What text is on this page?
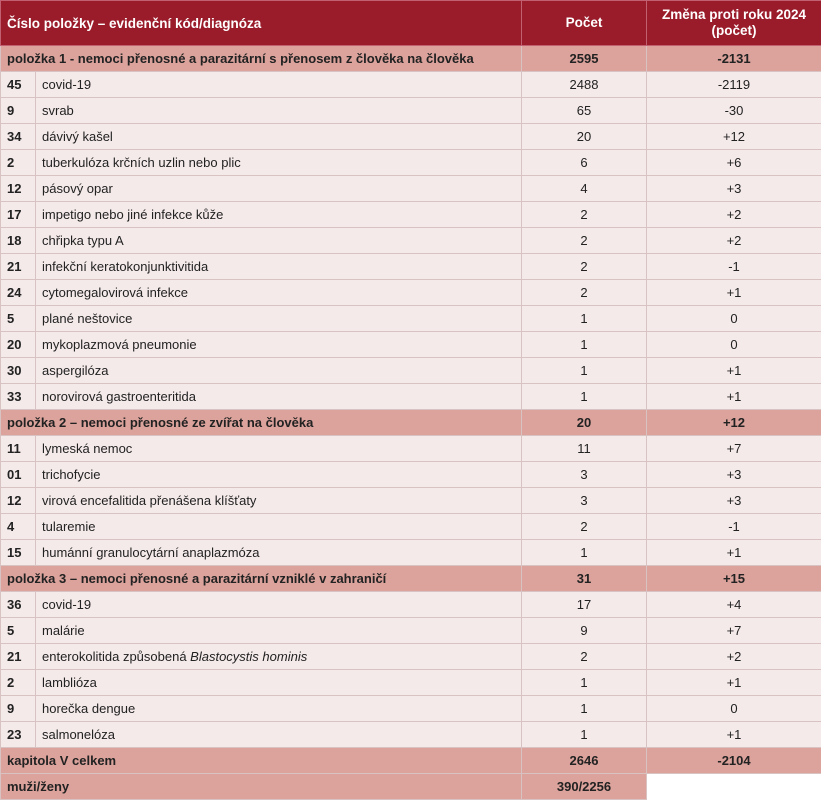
Číslo položky – evidenční kód/diagnóza		Počet	Změna proti roku 2024
(počet)
položka 1 - nemoci přenosné a parazitární s přenosem z člověka na člověka		2595	-2131
45	covid-19	2488	-2119
9	svrab	65	-30
34	dávivý kašel	20	+12
2	tuberkulóza krčních uzlin nebo plic	6	+6
12	pásový opar	4	+3
17	impetigo nebo jiné infekce kůže	2	+2
18	chřipka typu A	2	+2
21	infekční keratokonjunktivitida	2	-1
24	cytomegalovirová infekce	2	+1
5	plané neštovice	1	0
20	mykoplazmová pneumonie	1	0
30	aspergilóza	1	+1
33	norovirová gastroenteritida	1	+1
položka 2 – nemoci přenosné ze zvířat na člověka		20	+12
11	lymeská nemoc	11	+7
01	trichofycie	3	+3
12	virová encefalitida přenášena klíšťaty	3	+3
4	tularemie	2	-1
15	humánní granulocytární anaplazmóza	1	+1
položka 3 – nemoci přenosné a parazitární vzniklé v zahraničí		31	+15
36	covid-19	17	+4
5	malárie	9	+7
21	enterokolitida způsobená Blastocystis hominis	2	+2
2	lamblióza	1	+1
9	horečka dengue	1	0
23	salmonelóza	1	+1
kapitola V celkem		2646	-2104
muži/ženy		390/2256	
